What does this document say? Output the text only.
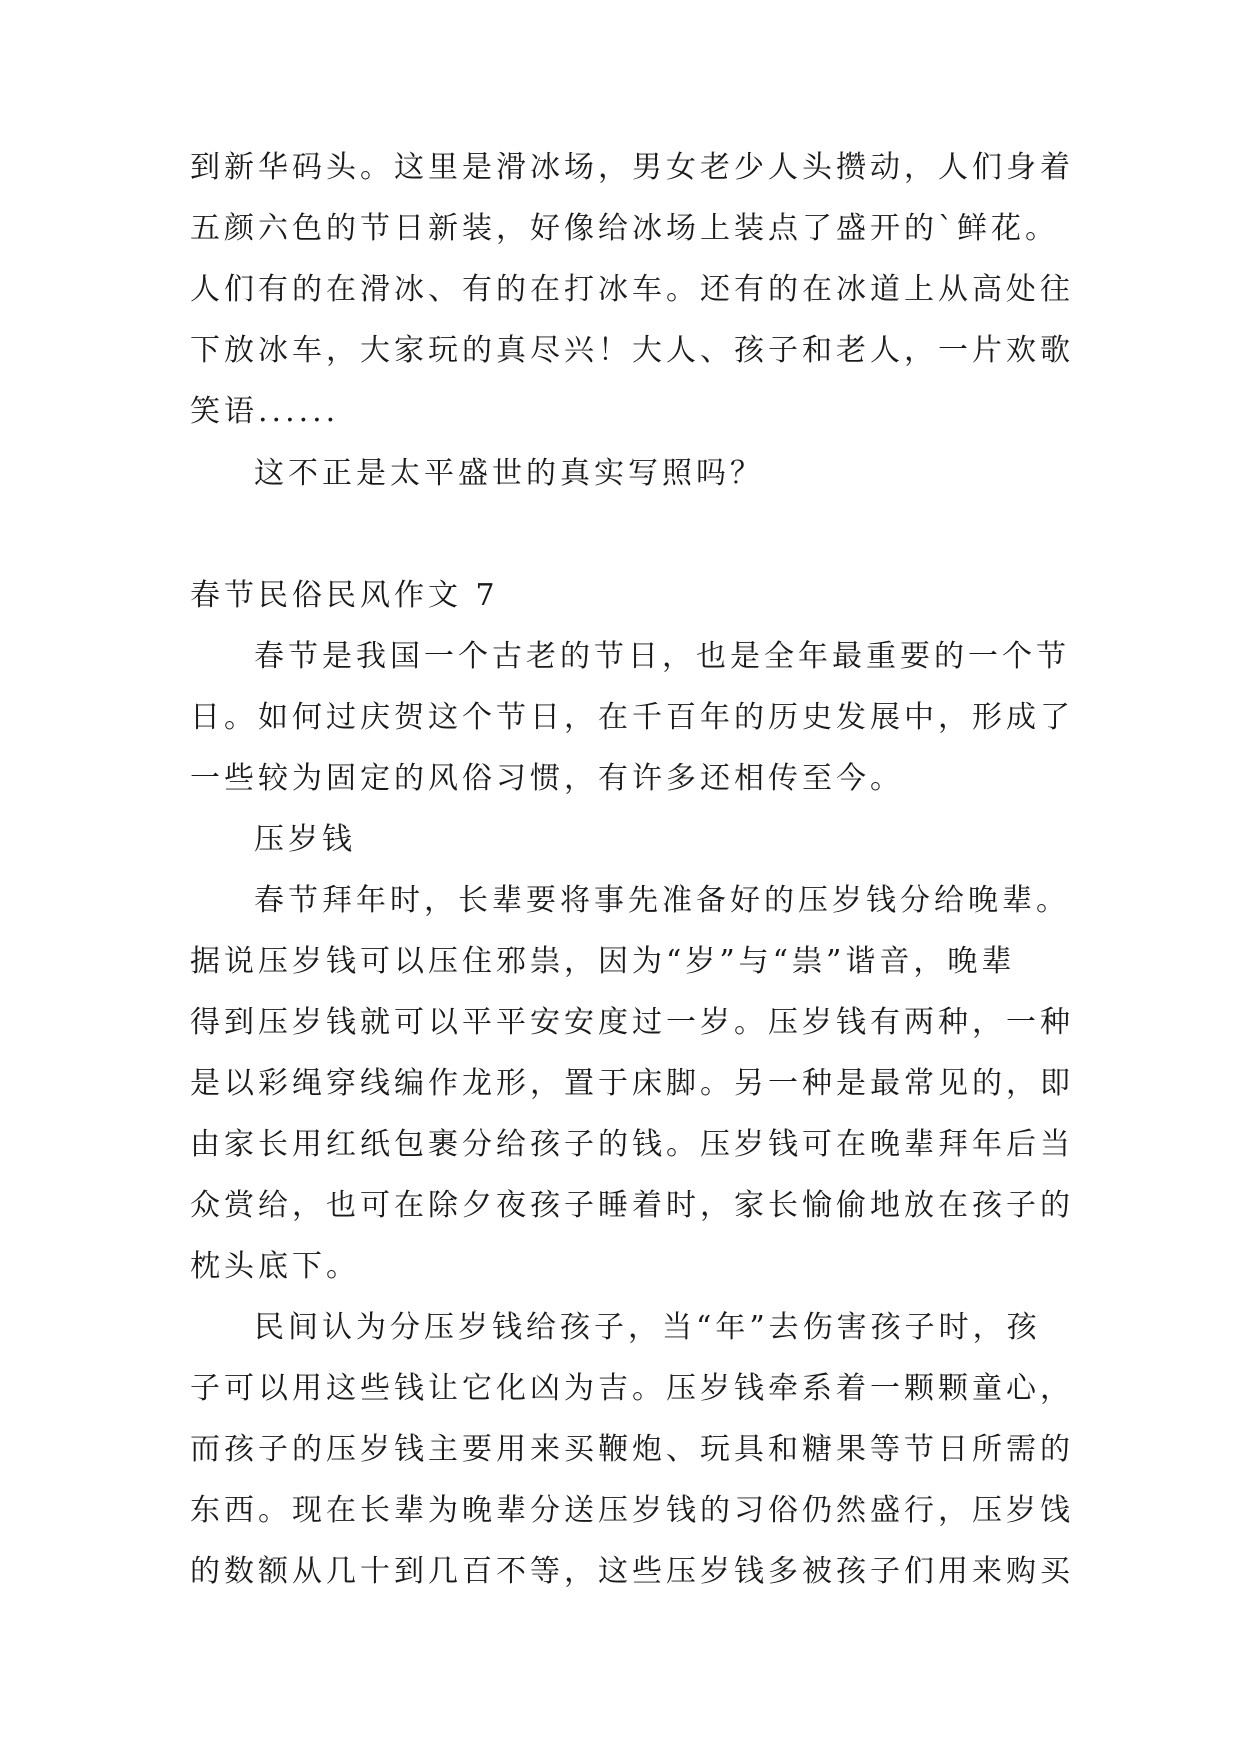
到新华码头。这里是滑冰场，男女老少人头攒动，人们身着
五颜六色的节日新装，好像给冰场上装点了盛开的`鲜花。
人们有的在滑冰、有的在打冰车。还有的在冰道上从高处往
下放冰车，大家玩的真尽兴！大人、孩子和老人，一片欢歌
笑语......
这不正是太平盛世的真实写照吗？
春节民俗民风作文 7
春节是我国一个古老的节日，也是全年最重要的一个节
日。如何过庆贺这个节日，在千百年的历史发展中，形成了
一些较为固定的风俗习惯，有许多还相传至今。
压岁钱
春节拜年时，长辈要将事先准备好的压岁钱分给晚辈。
据说压岁钱可以压住邪祟，因为“岁”与“祟”谐音，晚辈
得到压岁钱就可以平平安安度过一岁。压岁钱有两种，一种
是以彩绳穿线编作龙形，置于床脚。另一种是最常见的，即
由家长用红纸包裹分给孩子的钱。压岁钱可在晚辈拜年后当
众赏给，也可在除夕夜孩子睡着时，家长愉偷地放在孩子的
枕头底下。
民间认为分压岁钱给孩子，当“年”去伤害孩子时，孩
子可以用这些钱让它化凶为吉。压岁钱牵系着一颗颗童心，
而孩子的压岁钱主要用来买鞭炮、玩具和糖果等节日所需的
东西。现在长辈为晚辈分送压岁钱的习俗仍然盛行，压岁饯
的数额从几十到几百不等，这些压岁钱多被孩子们用来购买
